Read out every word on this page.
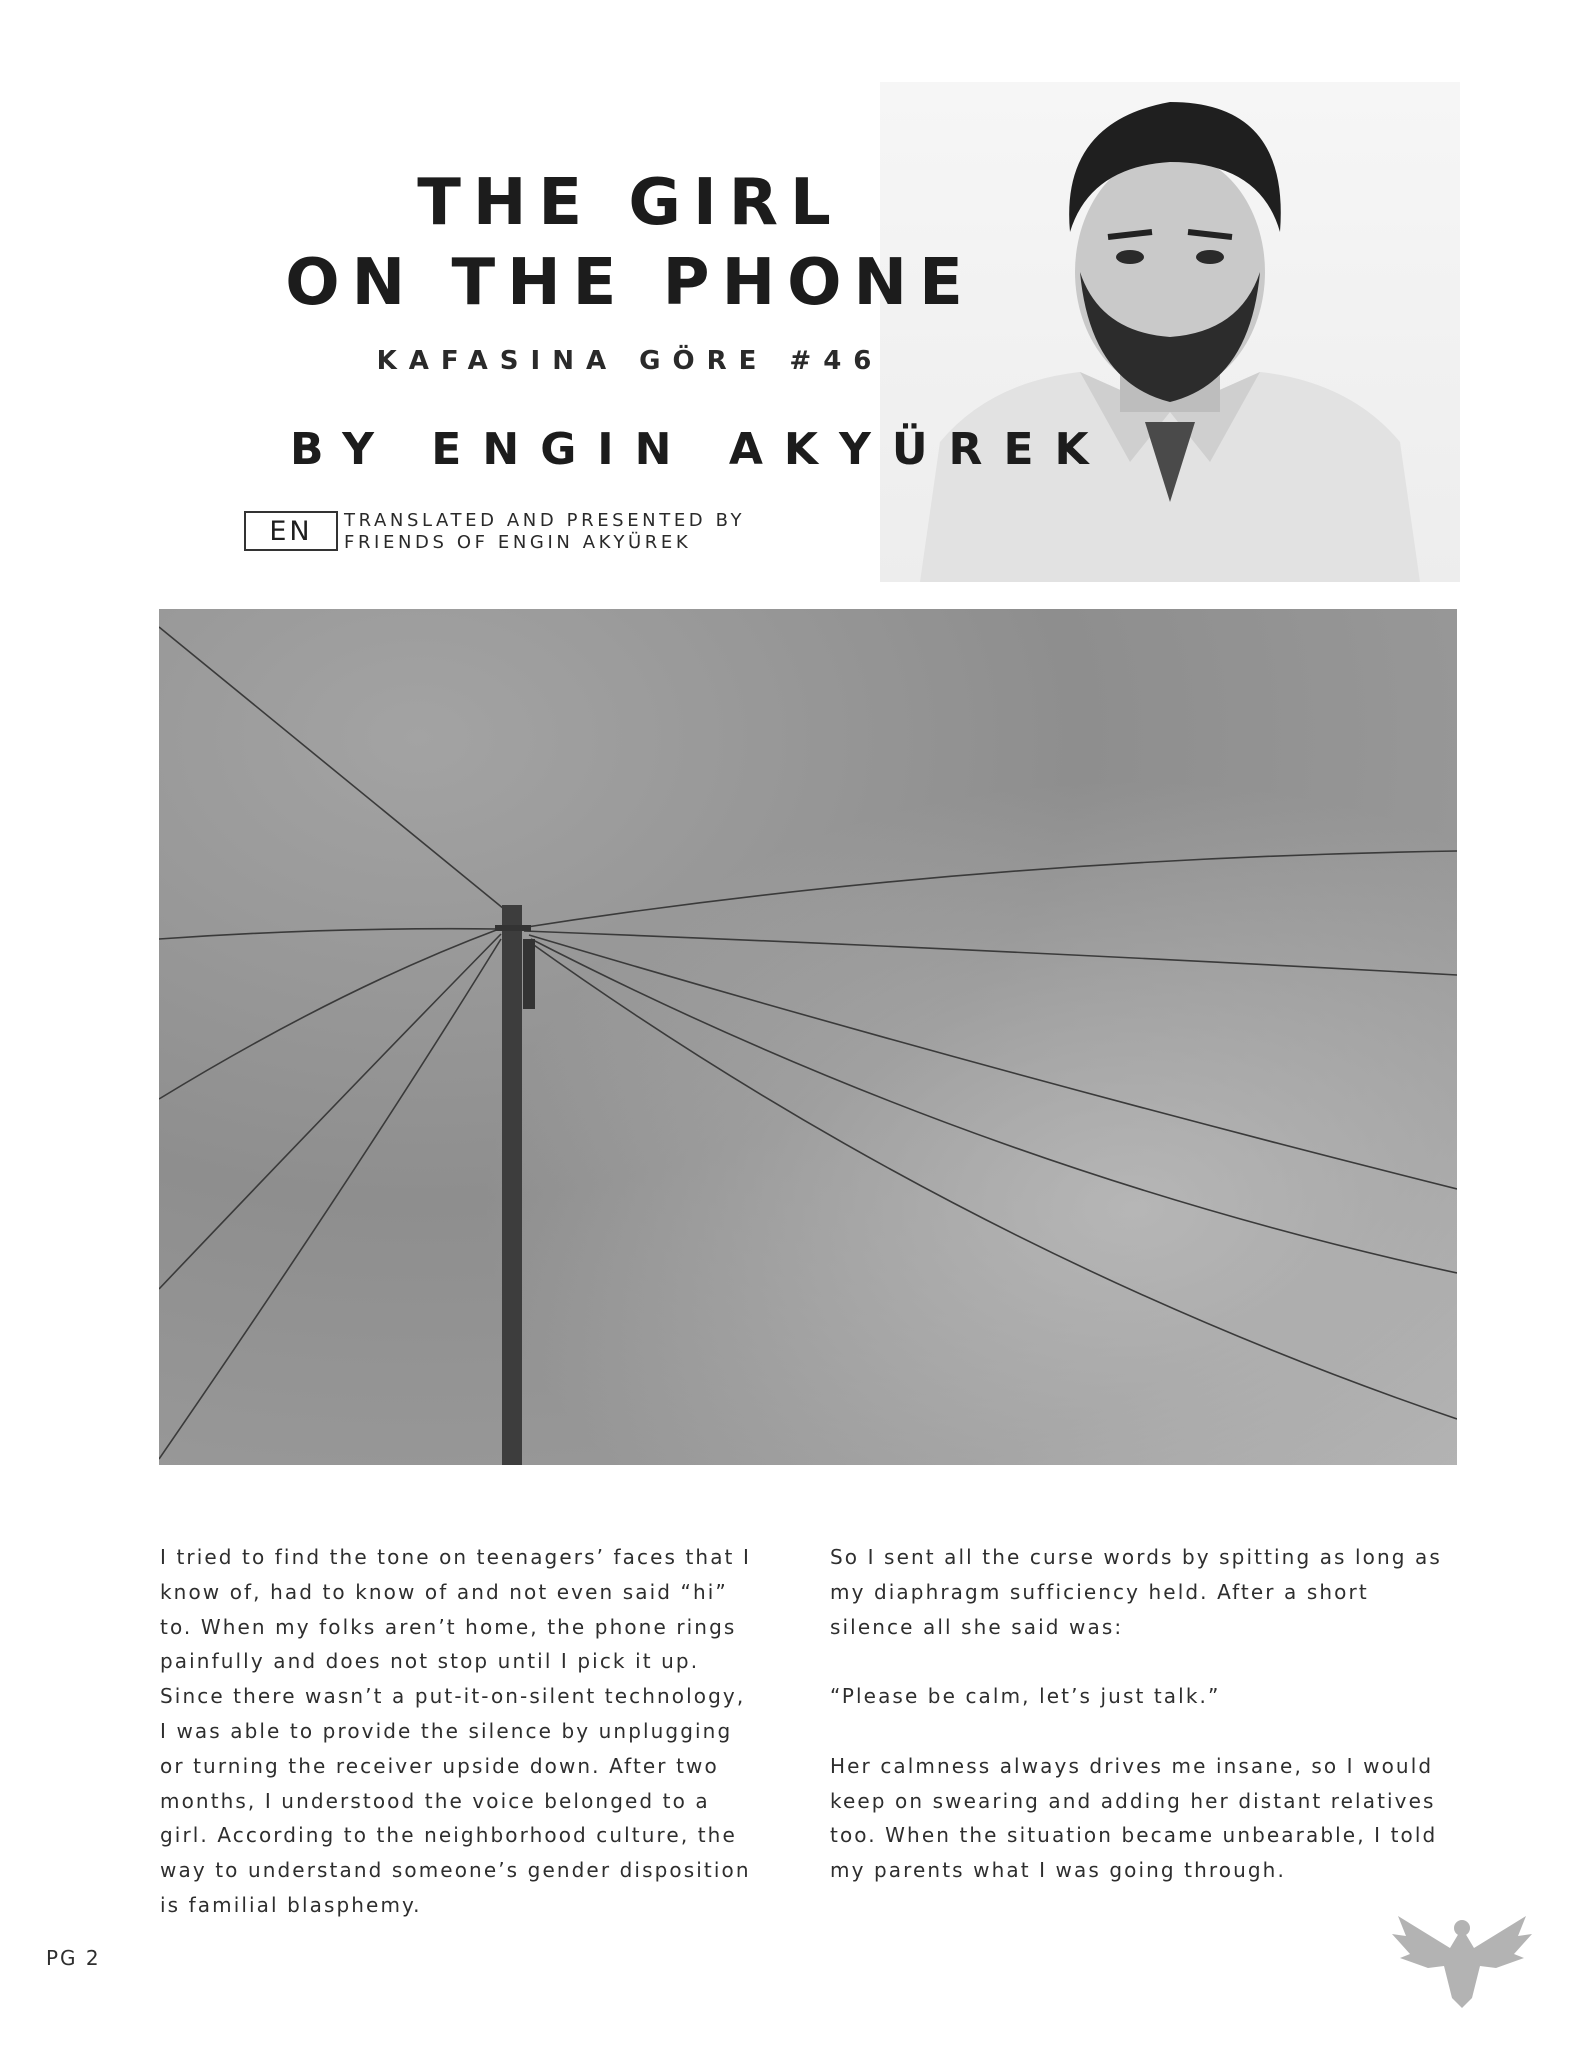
THE GIRL
ON THE PHONE
KAFASINA GÖRE #46
BY ENGIN AKYÜREK
EN	TRANSLATED AND PRESENTED BY
FRIENDS OF ENGIN AKYÜREK

I tried to find the tone on teenagers’ faces that I know of, had to know of and not even said “hi” to. When my folks aren’t home, the phone rings painfully and does not stop until I pick it up. Since there wasn’t a put-it-on-silent technology, I was able to provide the silence by unplugging or turning the receiver upside down. After two months, I understood the voice belonged to a girl. According to the neighborhood culture, the way to understand someone’s gender disposition is familial blasphemy.

So I sent all the curse words by spitting as long as my diaphragm sufficiency held. After a short silence all she said was:

“Please be calm, let’s just talk.”

Her calmness always drives me insane, so I would keep on swearing and adding her distant relatives too. When the situation became unbearable, I told my parents what I was going through.

PG 2
